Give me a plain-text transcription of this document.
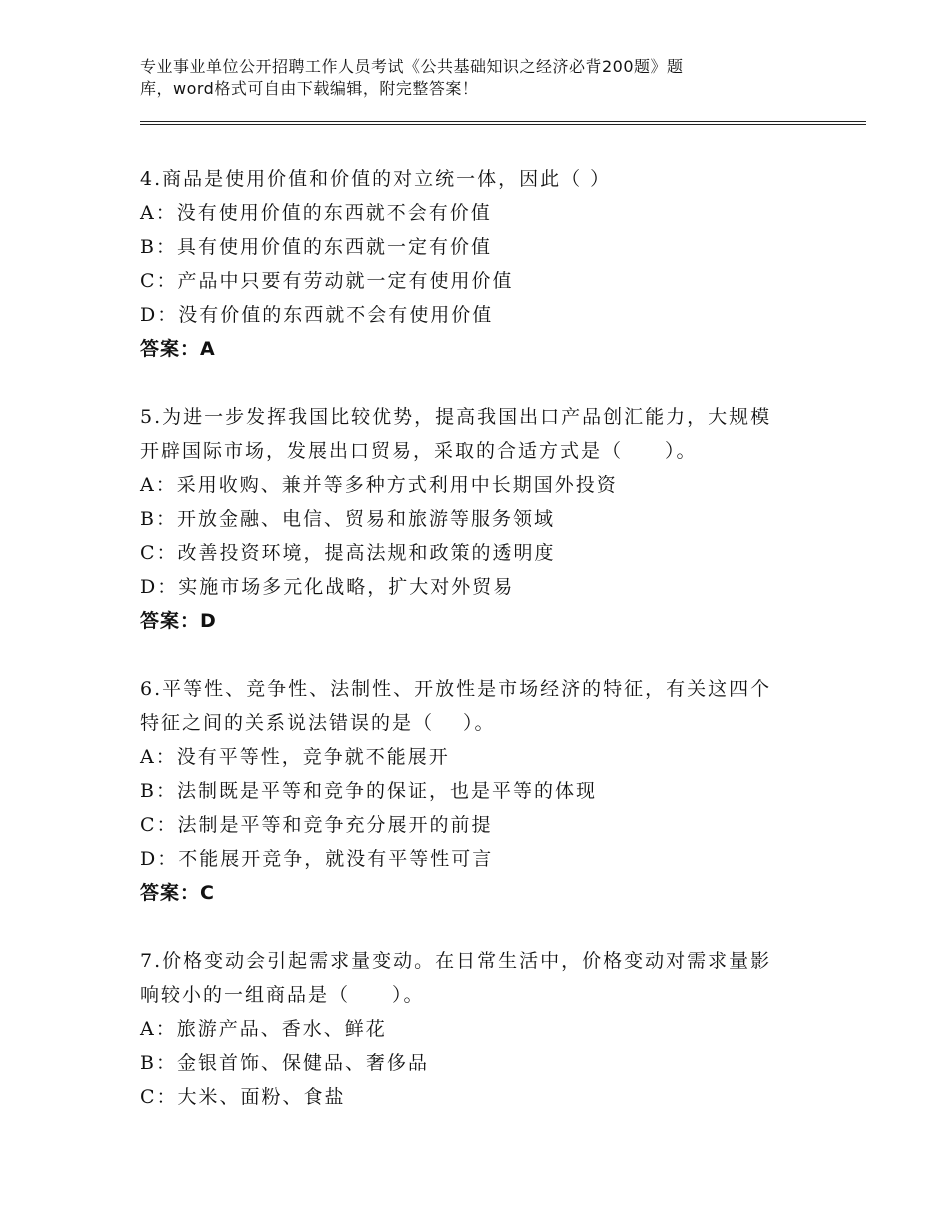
专业事业单位公开招聘工作人员考试《公共基础知识之经济必背200题》题
库，word格式可自由下载编辑，附完整答案！

4.商品是使用价值和价值的对立统一体，因此（ ）

A：没有使用价值的东西就不会有价值

B：具有使用价值的东西就一定有价值

C：产品中只要有劳动就一定有使用价值

D：没有价值的东西就不会有使用价值

答案：A

5.为进一步发挥我国比较优势，提高我国出口产品创汇能力，大规模

开辟国际市场，发展出口贸易，采取的合适方式是（　　）。

A：采用收购、兼并等多种方式利用中长期国外投资

B：开放金融、电信、贸易和旅游等服务领域

C：改善投资环境，提高法规和政策的透明度

D：实施市场多元化战略，扩大对外贸易

答案：D

6.平等性、竞争性、法制性、开放性是市场经济的特征，有关这四个

特征之间的关系说法错误的是（　 ）。

A：没有平等性，竞争就不能展开

B：法制既是平等和竞争的保证，也是平等的体现

C：法制是平等和竞争充分展开的前提

D：不能展开竞争，就没有平等性可言

答案：C

7.价格变动会引起需求量变动。在日常生活中，价格变动对需求量影

响较小的一组商品是（　　）。

A：旅游产品、香水、鲜花

B：金银首饰、保健品、奢侈品

C：大米、面粉、食盐
